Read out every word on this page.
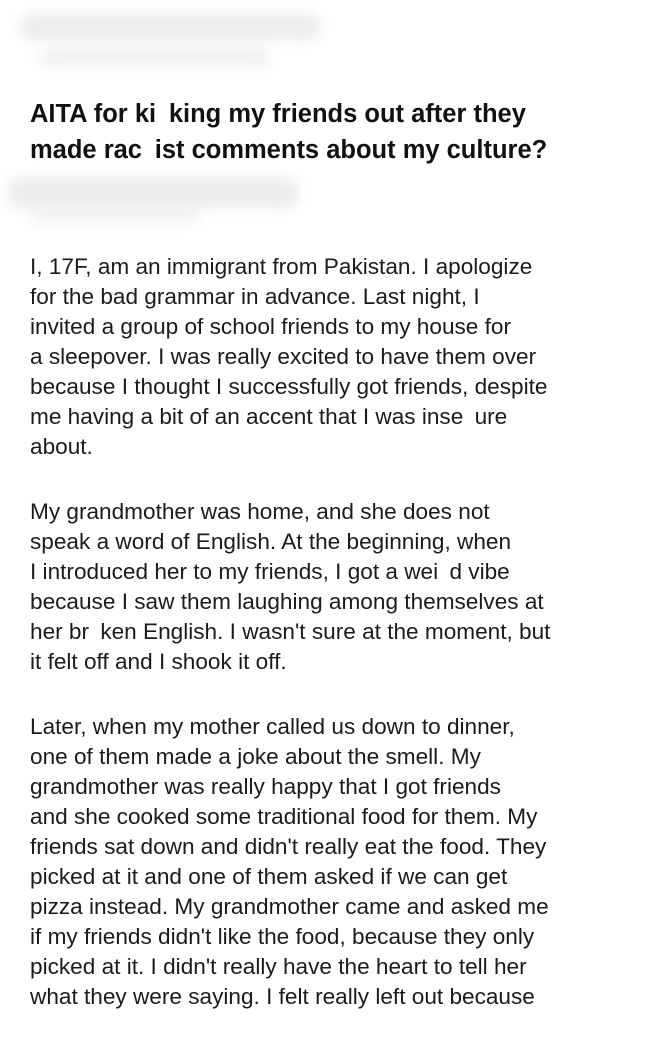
AITA for ki king my friends out after they
made rac ist comments about my culture?

I, 17F, am an immigrant from Pakistan. I apologize
for the bad grammar in advance. Last night, I
invited a group of school friends to my house for
a sleepover. I was really excited to have them over
because I thought I successfully got friends, despite
me having a bit of an accent that I was inse ure
about.

My grandmother was home, and she does not
speak a word of English. At the beginning, when
I introduced her to my friends, I got a wei d vibe
because I saw them laughing among themselves at
her br ken English. I wasn't sure at the moment, but
it felt off and I shook it off.

Later, when my mother called us down to dinner,
one of them made a joke about the smell. My
grandmother was really happy that I got friends
and she cooked some traditional food for them. My
friends sat down and didn't really eat the food. They
picked at it and one of them asked if we can get
pizza instead. My grandmother came and asked me
if my friends didn't like the food, because they only
picked at it. I didn't really have the heart to tell her
what they were saying. I felt really left out because
